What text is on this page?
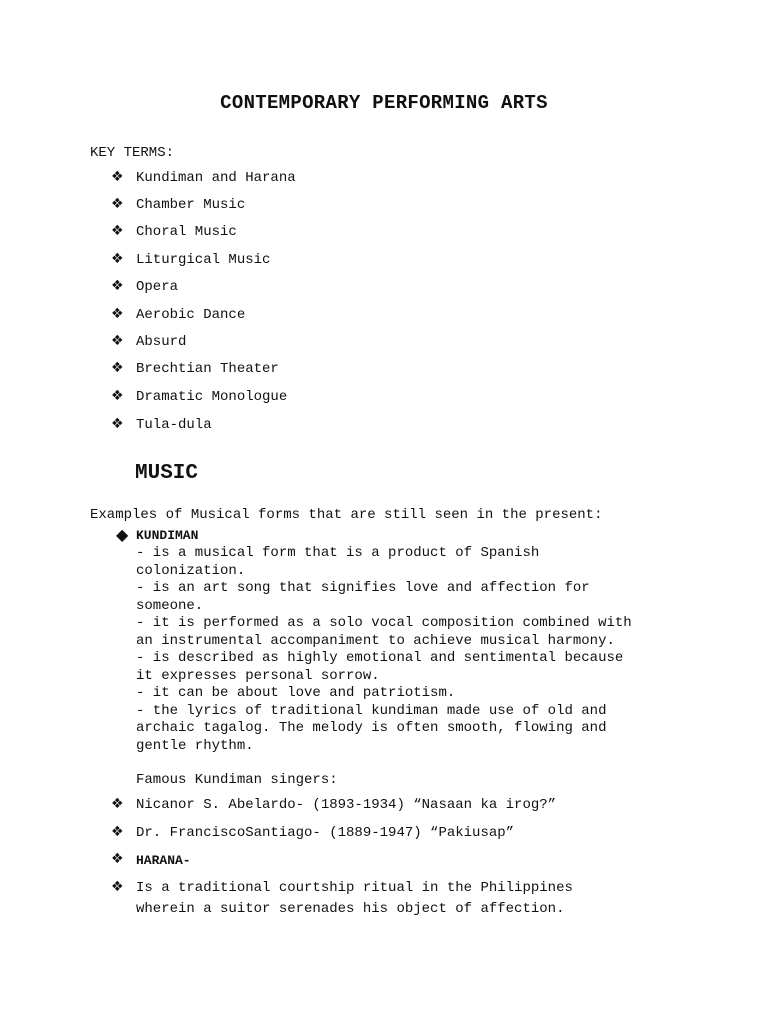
CONTEMPORARY PERFORMING ARTS
KEY TERMS:
❖ Kundiman and Harana
❖ Chamber Music
❖ Choral Music
❖ Liturgical Music
❖ Opera
❖ Aerobic Dance
❖ Absurd
❖ Brechtian Theater
❖ Dramatic Monologue
❖ Tula-dula
MUSIC
Examples of Musical forms that are still seen in the present:
◆ KUNDIMAN
- is a musical form that is a product of Spanish
colonization.
- is an art song that signifies love and affection for
someone.
- it is performed as a solo vocal composition combined with
an instrumental accompaniment to achieve musical harmony.
- is described as highly emotional and sentimental because
it expresses personal sorrow.
- it can be about love and patriotism.
- the lyrics of traditional kundiman made use of old and
archaic tagalog. The melody is often smooth, flowing and
gentle rhythm.
Famous Kundiman singers:
❖ Nicanor S. Abelardo- (1893-1934) “Nasaan ka irog?”
❖ Dr. FranciscoSantiago- (1889-1947) “Pakiusap”
❖ HARANA-
❖ Is a traditional courtship ritual in the Philippines
wherein a suitor serenades his object of affection.
